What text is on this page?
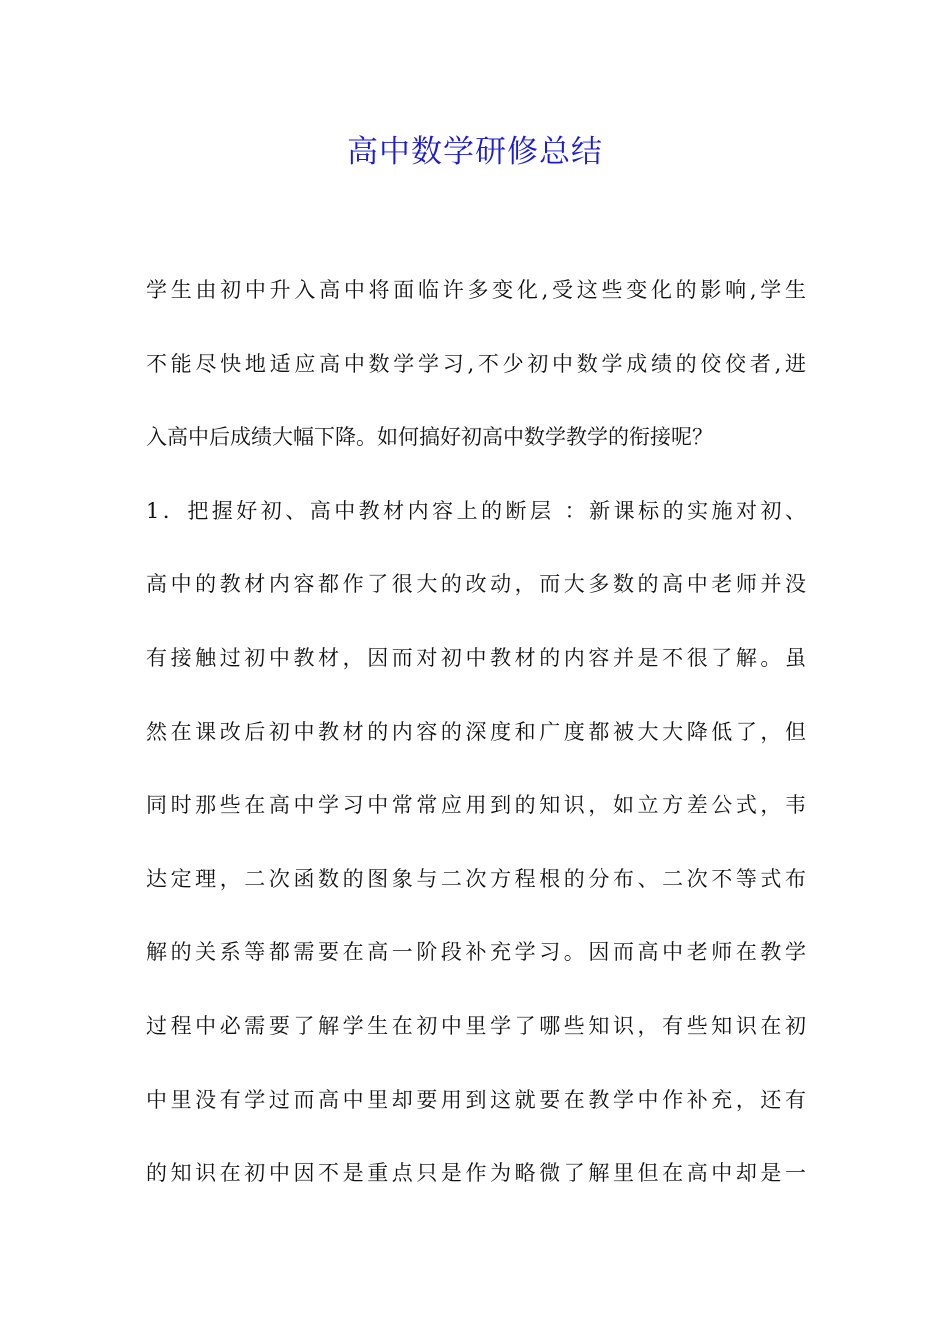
高中数学研修总结
学生由初中升入高中将面临许多变化,受这些变化的影响,学生
不能尽快地适应高中数学学习,不少初中数学成绩的佼佼者,进
入高中后成绩大幅下降。如何搞好初高中数学教学的衔接呢？
1．把握好初、高中教材内容上的断层 ：新课标的实施对初、
高中的教材内容都作了很大的改动，而大多数的高中老师并没
有接触过初中教材，因而对初中教材的内容并是不很了解。虽
然在课改后初中教材的内容的深度和广度都被大大降低了，但
同时那些在高中学习中常常应用到的知识，如立方差公式，韦
达定理，二次函数的图象与二次方程根的分布、二次不等式布
解的关系等都需要在高一阶段补充学习。因而高中老师在教学
过程中必需要了解学生在初中里学了哪些知识，有些知识在初
中里没有学过而高中里却要用到这就要在教学中作补充，还有
的知识在初中因不是重点只是作为略微了解里但在高中却是一
